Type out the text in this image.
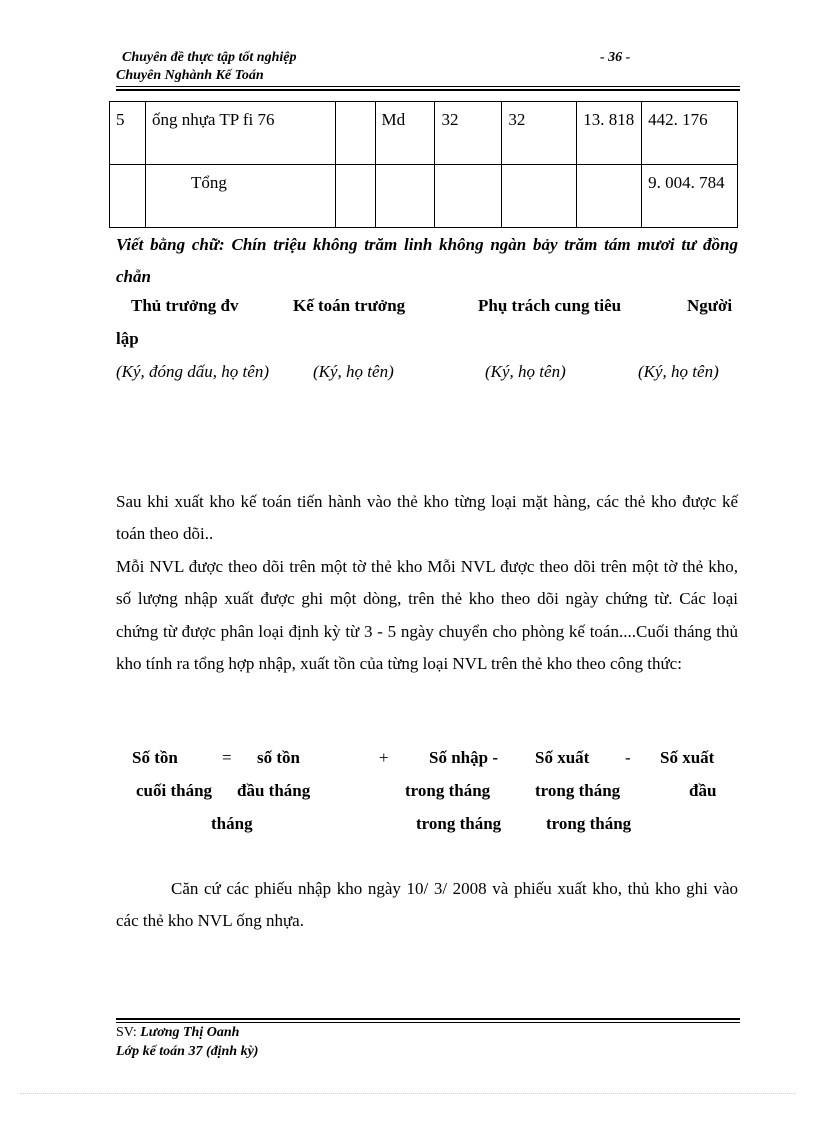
Chuyên đề thực tập tốt nghiệp	- 36 -
Chuyên Nghành Kế Toán
5	ống nhựa TP fi 76		Md	32	32	13. 818	442. 176
	Tổng						9. 004. 784
Viết bằng chữ: Chín triệu không trăm linh không ngàn bảy trăm tám mươi tư đồng chẵn
Thủ trưởng đv	Kế toán trưởng	Phụ trách cung tiêu	Người
lập
(Ký, đóng dấu, họ tên)	(Ký, họ tên)	(Ký, họ tên)	(Ký, họ tên)
Sau khi xuất kho kế toán tiến hành vào thẻ kho từng loại mặt hàng, các thẻ kho được kế toán theo dõi..
Mỗi NVL được theo dõi trên một tờ thẻ kho Mỗi NVL được theo dõi trên một tờ thẻ kho, số lượng nhập xuất được ghi một dòng, trên thẻ kho theo dõi ngày chứng từ. Các loại chứng từ được phân loại định kỳ từ 3 - 5 ngày chuyển cho phòng kế toán....Cuối tháng thủ kho tính ra tổng hợp nhập, xuất tồn của từng loại NVL trên thẻ kho theo công thức:
Số tồn	= số tồn	+ Số nhập - Số xuất - Số xuất
cuối tháng đầu tháng	trong tháng	trong tháng	đầu
tháng	trong tháng	trong tháng
Căn cứ các phiếu nhập kho ngày 10/ 3/ 2008 và phiếu xuất kho, thủ kho ghi vào các thẻ kho NVL ống nhựa.
SV: Lương Thị Oanh
Lớp kế toán 37 (định kỳ)
